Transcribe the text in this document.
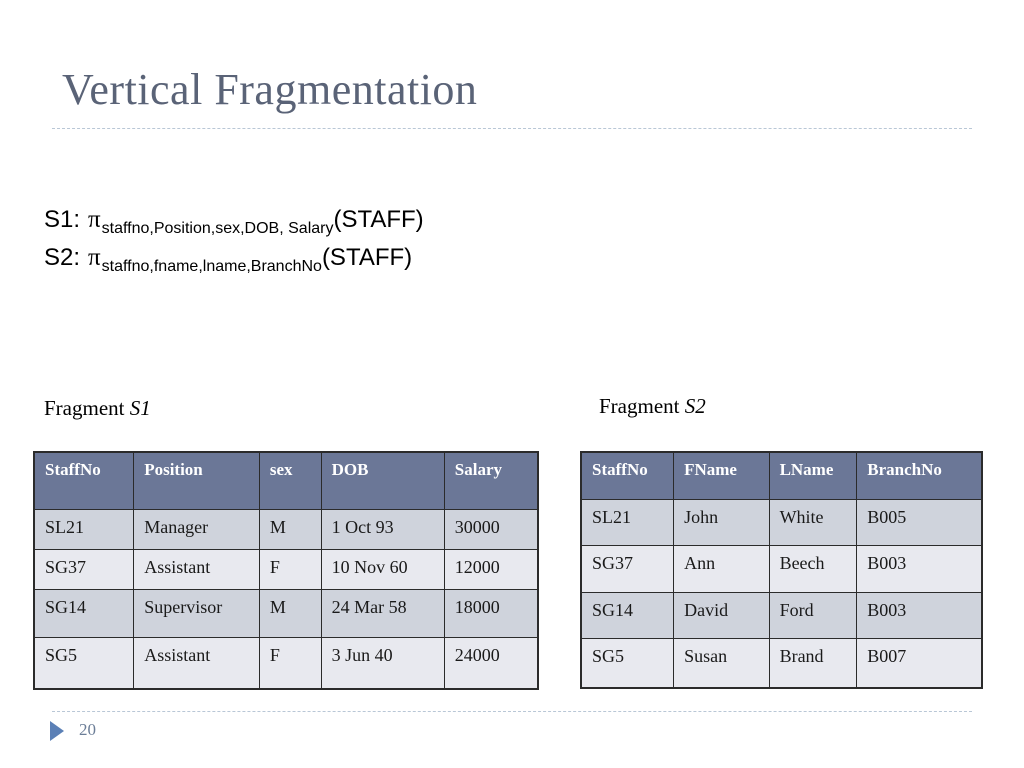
Vertical Fragmentation
S1: $\pi_{staffno,Position,sex,DOB, Salary}(STAFF)$
S2: $\pi_{staffno,fname,lname,BranchNo}(STAFF)$
Fragment S1	Fragment S2
StaffNo	Position	sex	DOB	Salary
SL21	Manager	M	1 Oct 93	30000
SG37	Assistant	F	10 Nov 60	12000
SG14	Supervisor	M	24 Mar 58	18000
SG5	Assistant	F	3 Jun 40	24000
StaffNo	FName	LName	BranchNo
SL21	John	White	B005
SG37	Ann	Beech	B003
SG14	David	Ford	B003
SG5	Susan	Brand	B007
20
